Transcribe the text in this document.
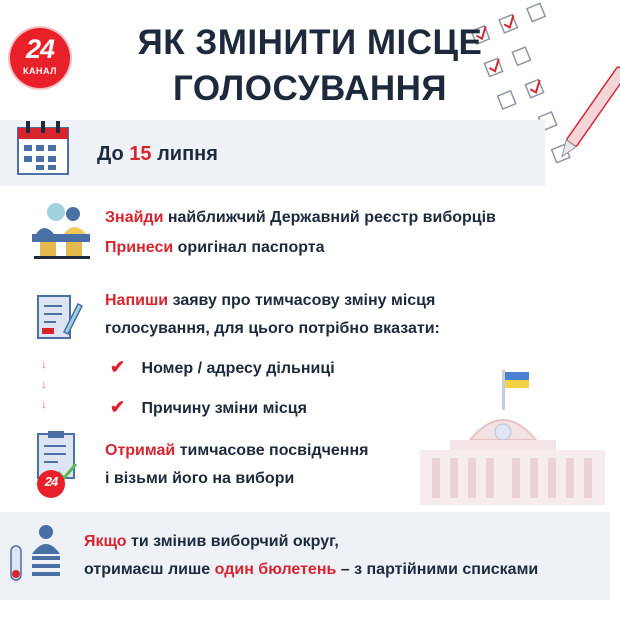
24
КАНАЛ
ЯК ЗМІНИТИ МІСЦЕ
ГОЛОСУВАННЯ
До 15 липня
Знайди найближчий Державний реєстр виборців
Принеси оригінал паспорта
Напиши заяву про тимчасову зміну місця
голосування, для цього потрібно вказати:
↓
↓
↓
✔ Номер / адресу дільниці
✔ Причину зміни місця
Отримай тимчасове посвідчення
і візьми його на вибори
24
Якщо ти змінив виборчий округ,
отримаєш лише один бюлетень – з партійними списками
